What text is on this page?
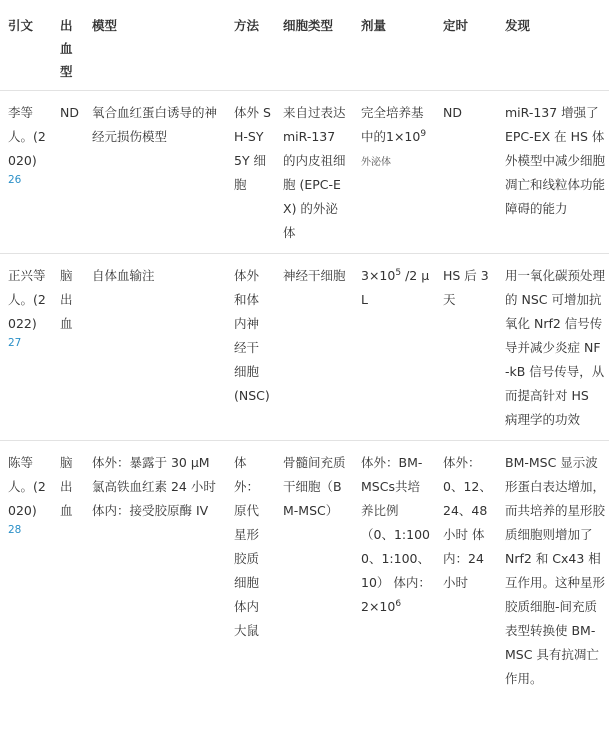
引文	出血型	模型	方法	细胞类型	剂量	定时	发现
李等人。(2020)
26	ND	氧合血红蛋白诱导的神经元损伤模型	体外 SH-SY5Y 细胞	来自过表达 miR-137 的内皮祖细胞 (EPC-EX) 的外泌体	完全培养基中的$1\times 10^9$ 外泌体	ND	miR-137 增强了 EPC-EX 在 HS 体外模型中减少细胞凋亡和线粒体功能障碍的能力
正兴等人。(2022)
27	脑出血	自体血输注	体外和体内神经干细胞 (NSC)	神经干细胞	$3\times 10^5$ /2 µL	HS 后 3 天	用一氧化碳预处理的 NSC 可增加抗氧化 Nrf2 信号传导并减少炎症 NF-kB 信号传导，从而提高针对 HS 病理学的功效
陈等人。(2020)
28	脑出血	体外：暴露于 30 µM 氯高铁血红素 24 小时 体内：接受胶原酶 IV	体外：原代星形胶质细胞 体内大鼠	骨髓间充质干细胞（BM-MSC）	体外：BM-MSCs共培养比例（0、1:1000、1:100、10） 体内：$2\times 10^6$	体外：0、12、24、48 小时 体内：24 小时	BM-MSC 显示波形蛋白表达增加，而共培养的星形胶质细胞则增加了 Nrf2 和 Cx43 相互作用。这种星形胶质细胞-间充质表型转换使 BM-MSC 具有抗凋亡作用。
